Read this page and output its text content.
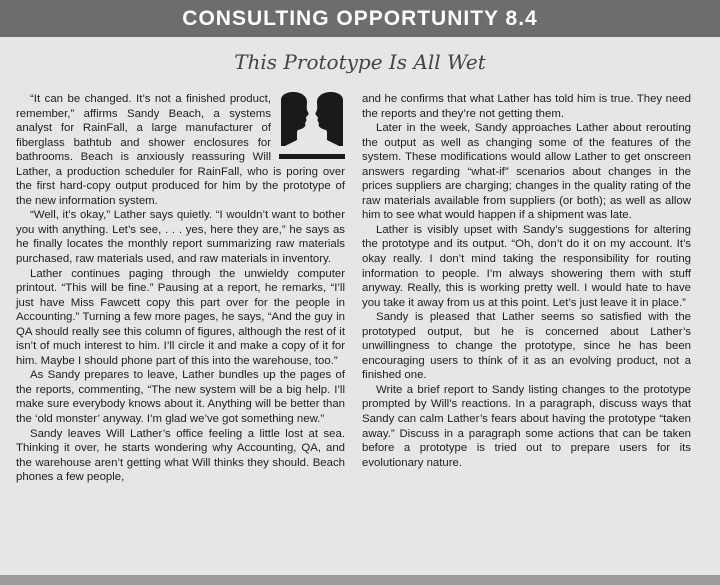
CONSULTING OPPORTUNITY 8.4
This Prototype Is All Wet

“It can be changed. It’s not a finished product, remember,” affirms Sandy Beach, a systems analyst for RainFall, a large manufacturer of fiberglass bathtub and shower enclosures for bathrooms. Beach is anxiously reassuring Will Lather, a production scheduler for RainFall, who is poring over the first hard-copy output produced for him by the prototype of the new information system.

“Well, it’s okay,” Lather says quietly. “I wouldn’t want to bother you with anything. Let’s see, . . . yes, here they are,” he says as he finally locates the monthly report summarizing raw materials purchased, raw materials used, and raw materials in inventory.

Lather continues paging through the unwieldy computer printout. “This will be fine.” Pausing at a report, he remarks, “I’ll just have Miss Fawcett copy this part over for the people in Accounting.” Turning a few more pages, he says, “And the guy in QA should really see this column of figures, although the rest of it isn’t of much interest to him. I’ll circle it and make a copy of it for him. Maybe I should phone part of this into the warehouse, too.”

As Sandy prepares to leave, Lather bundles up the pages of the reports, commenting, “The new system will be a big help. I’ll make sure everybody knows about it. Anything will be better than the ‘old monster’ anyway. I’m glad we’ve got something new.”

Sandy leaves Will Lather’s office feeling a little lost at sea. Thinking it over, he starts wondering why Accounting, QA, and the warehouse aren’t getting what Will thinks they should. Beach phones a few people,

and he confirms that what Lather has told him is true. They need the reports and they’re not getting them.

Later in the week, Sandy approaches Lather about rerouting the output as well as changing some of the features of the system. These modifications would allow Lather to get onscreen answers regarding “what-if” scenarios about changes in the prices suppliers are charging; changes in the quality rating of the raw materials available from suppliers (or both); as well as allow him to see what would happen if a shipment was late.

Lather is visibly upset with Sandy’s suggestions for altering the prototype and its output. “Oh, don’t do it on my account. It’s okay really. I don’t mind taking the responsibility for routing information to people. I’m always showering them with stuff anyway. Really, this is working pretty well. I would hate to have you take it away from us at this point. Let’s just leave it in place.”

Sandy is pleased that Lather seems so satisfied with the prototyped output, but he is concerned about Lather’s unwillingness to change the prototype, since he has been encouraging users to think of it as an evolving product, not a finished one.

Write a brief report to Sandy listing changes to the prototype prompted by Will’s reactions. In a paragraph, discuss ways that Sandy can calm Lather’s fears about having the prototype “taken away.” Discuss in a paragraph some actions that can be taken before a prototype is tried out to prepare users for its evolutionary nature.
